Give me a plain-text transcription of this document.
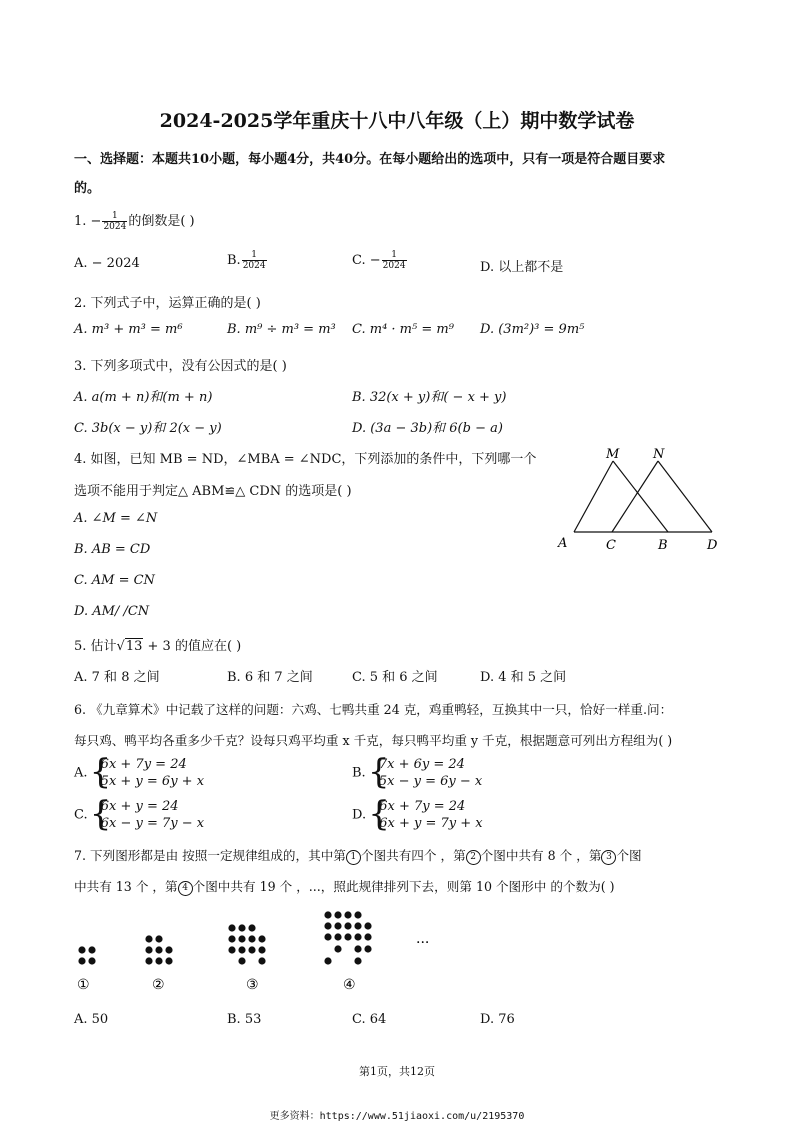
2024-2025学年重庆十八中八年级（上）期中数学试卷
一、选择题：本题共10小题，每小题4分，共40分。在每小题给出的选项中，只有一项是符合题目要求
的。
1. − $\frac{1}{2024}$ 的倒数是( )
A. − 2024	B. $\frac{1}{2024}$	C. − $\frac{1}{2024}$	D. 以上都不是
2. 下列式子中，运算正确的是( )
A. m³ + m³ = m⁶	B. m⁹ ÷ m³ = m³ C. m⁴ · m⁵ = m⁹ D. (3m²)³ = 9m⁵
3. 下列多项式中，没有公因式的是( )
A. a(m + n)和(m + n)	B. 32(x + y)和( − x + y)
C. 3b(x − y)和 2(x − y)	D. (3a − 3b)和 6(b − a)
4. 如图，已知 MB = ND，∠MBA = ∠NDC，下列添加的条件中，下列哪一个
选项不能用于判定△ ABM≌△ CDN 的选项是( )
A. ∠M = ∠N
B. AB = CD
C. AM = CN
D. AM/ /CN
M	N
A	C	B	D
5. 估计√13 + 3 的值应在( )
A. 7 和 8 之间	B. 6 和 7 之间	C. 5 和 6 之间	D. 4 和 5 之间
6. 《九章算术》中记载了这样的问题：六鸡、七鸭共重 24 克，鸡重鸭轻，互换其中一只，恰好一样重.问：
每只鸡、鸭平均各重多少千克？设每只鸡平均重 x 千克，每只鸭平均重 y 千克，根据题意可列出方程组为( )
A. { 6x + 7y = 24
5x + y = 6y + x
B. { 7x + 6y = 24
5x − y = 6y − x
C. { 6x + y = 24
6x − y = 7y − x
D. { 6x + 7y = 24
6x + y = 7y + x
7. 下列图形都是由 按照一定规律组成的，其中第 1 个图共有四个 ，第 2 个图中共有 8 个 ，第 3 个图
中共有 13 个 ，第 4 个图中共有 19 个 ，...，照此规律排列下去，则第 10 个图形中 的个数为( )
...
①	②	③	④
A. 50	B. 53	C. 64	D. 76
第1页，共12页
更多资料：https://www.51jiaoxi.com/u/2195370
